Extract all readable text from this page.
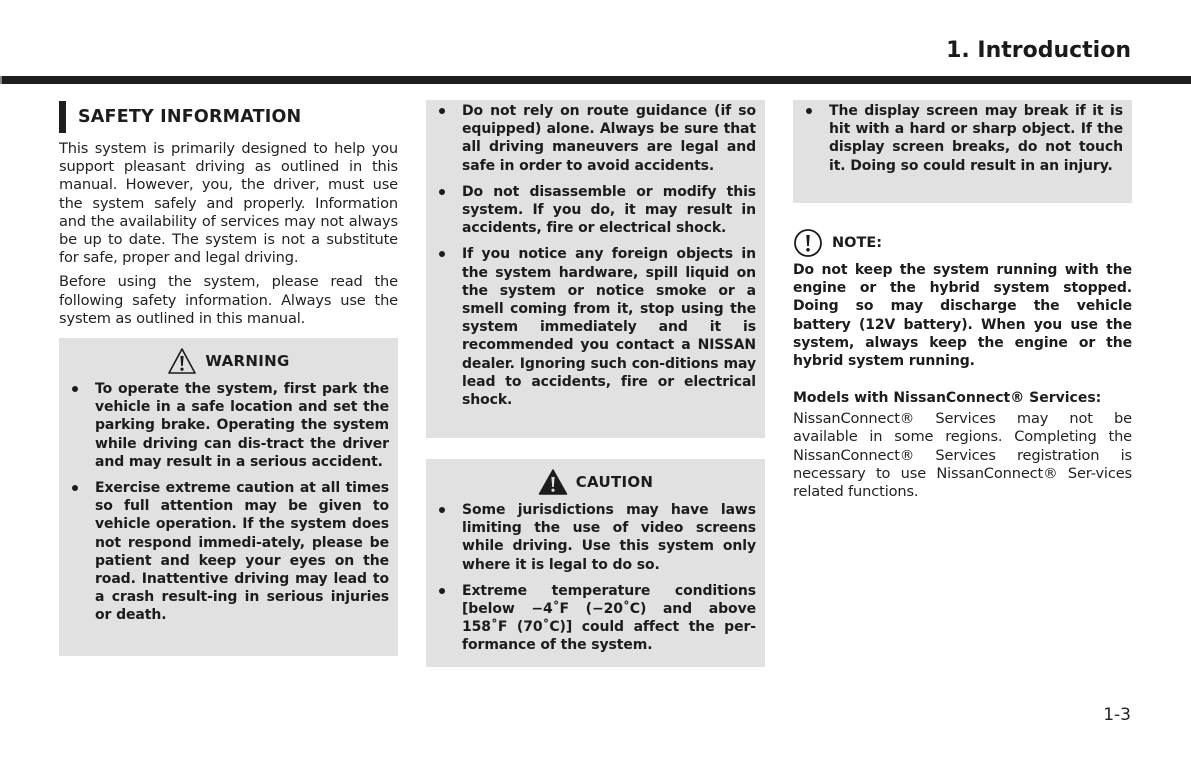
1. Introduction
SAFETY INFORMATION

This system is primarily designed to help you support pleasant driving as outlined in this manual. However, you, the driver, must use the system safely and properly. Information and the availability of services may not always be up to date. The system is not a substitute for safe, proper and legal driving.

Before using the system, please read the following safety information. Always use the system as outlined in this manual.

WARNING
To operate the system, first park the vehicle in a safe location and set the parking brake. Operating the system while driving can dis-tract the driver and may result in a serious accident.
Exercise extreme caution at all times so full attention may be given to vehicle operation. If the system does not respond immedi-ately, please be patient and keep your eyes on the road. Inattentive driving may lead to a crash result-ing in serious injuries or death.
Do not rely on route guidance (if so equipped) alone. Always be sure that all driving maneuvers are legal and safe in order to avoid accidents.
Do not disassemble or modify this system. If you do, it may result in accidents, fire or electrical shock.
If you notice any foreign objects in the system hardware, spill liquid on the system or notice smoke or a smell coming from it, stop using the system immediately and it is recommended you contact a NISSAN dealer. Ignoring such con-ditions may lead to accidents, fire or electrical shock.
CAUTION
Some jurisdictions may have laws limiting the use of video screens while driving. Use this system only where it is legal to do so.
Extreme temperature conditions [below −4˚F (−20˚C) and above 158˚F (70˚C)] could affect the per-formance of the system.
The display screen may break if it is hit with a hard or sharp object. If the display screen breaks, do not touch it. Doing so could result in an injury.
NOTE:

Do not keep the system running with the engine or the hybrid system stopped. Doing so may discharge the vehicle battery (12V battery). When you use the system, always keep the engine or the hybrid system running.

Models with NissanConnect® Services:

NissanConnect® Services may not be available in some regions. Completing the NissanConnect® Services registration is necessary to use NissanConnect® Ser-vices related functions.

1-3
